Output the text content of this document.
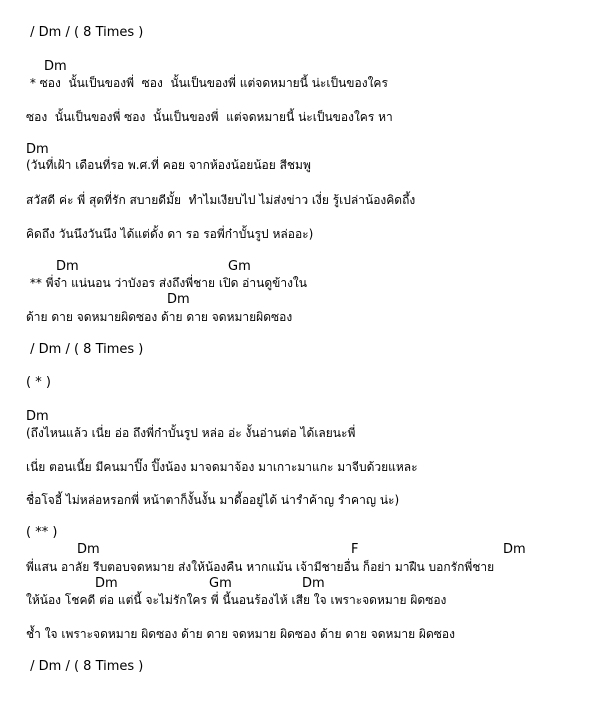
/ Dm / ( 8 Times )
Dm
* ซอง  นั้นเป็นของพี่  ซอง  นั้นเป็นของพี่ แต่จดหมายนี้ น่ะเป็นของใคร
ซอง  นั้นเป็นของพี่ ซอง  นั้นเป็นของพี่  แต่จดหมายนี้ น่ะเป็นของใคร หา
Dm
(วันที่เฝ้า เดือนที่รอ พ.ศ.ที่ คอย จากห้องน้อยน้อย สีชมพู
สวัสดี ค่ะ พี่ สุดที่รัก สบายดีมั้ย  ทำไมเงียบไป ไม่ส่งข่าว เงี่ย รู้เปล่าน้องคิดถึ้ง
คิดถึง วันนึงวันนึง ได้แต่ดั้ง ดา รอ รอพี่ก๋าบั้นรูป หล่ออะ)
Dm	Gm
** พี่จ๋า แน่นอน ว่าบังอร ส่งถึงพี่ชาย เปิด อ่านดูข้างใน
Dm
ด้าย ดาย จดหมายผิดซอง ด้าย ดาย จดหมายผิดซอง
/ Dm / ( 8 Times )
( * )
Dm
(ถึงไหนแล้ว เนี่ย อ่อ ถึงพี่ก๋าบั้นรูป หล่อ อ่ะ งั้นอ่านต่อ ได้เลยนะพี่
เนี่ย ตอนเนี้ย มีคนมาปิ๊ง ปิ๊งน้อง มาจดมาจ้อง มาเกาะมาแกะ มาจีบด้วยแหละ
ชื่อโจอี้ ไม่หล่อหรอกพี่ หน้าตาก็งั้นงั้น มาดี้ออยู่ได้ น่ารำค้าญ รำคาญ น่ะ)
( ** )
Dm	F	Dm
พี่แสน อาลัย รีบตอบจดหมาย ส่งให้น้องคืน หากแม้น เจ้ามีชายอื่น ก็อย่า มาฝืน บอกรักพี่ชาย
Dm	Gm	Dm
ให้น้อง โชคดี ต่อ แต่นี้ จะไม่รักใคร พี่ นี้นอนร้องไห้ เสีย ใจ เพราะจดหมาย ผิดซอง
ช้ำ ใจ เพราะจดหมาย ผิดซอง ด้าย ดาย จดหมาย ผิดซอง ด้าย ดาย จดหมาย ผิดซอง
/ Dm / ( 8 Times )
